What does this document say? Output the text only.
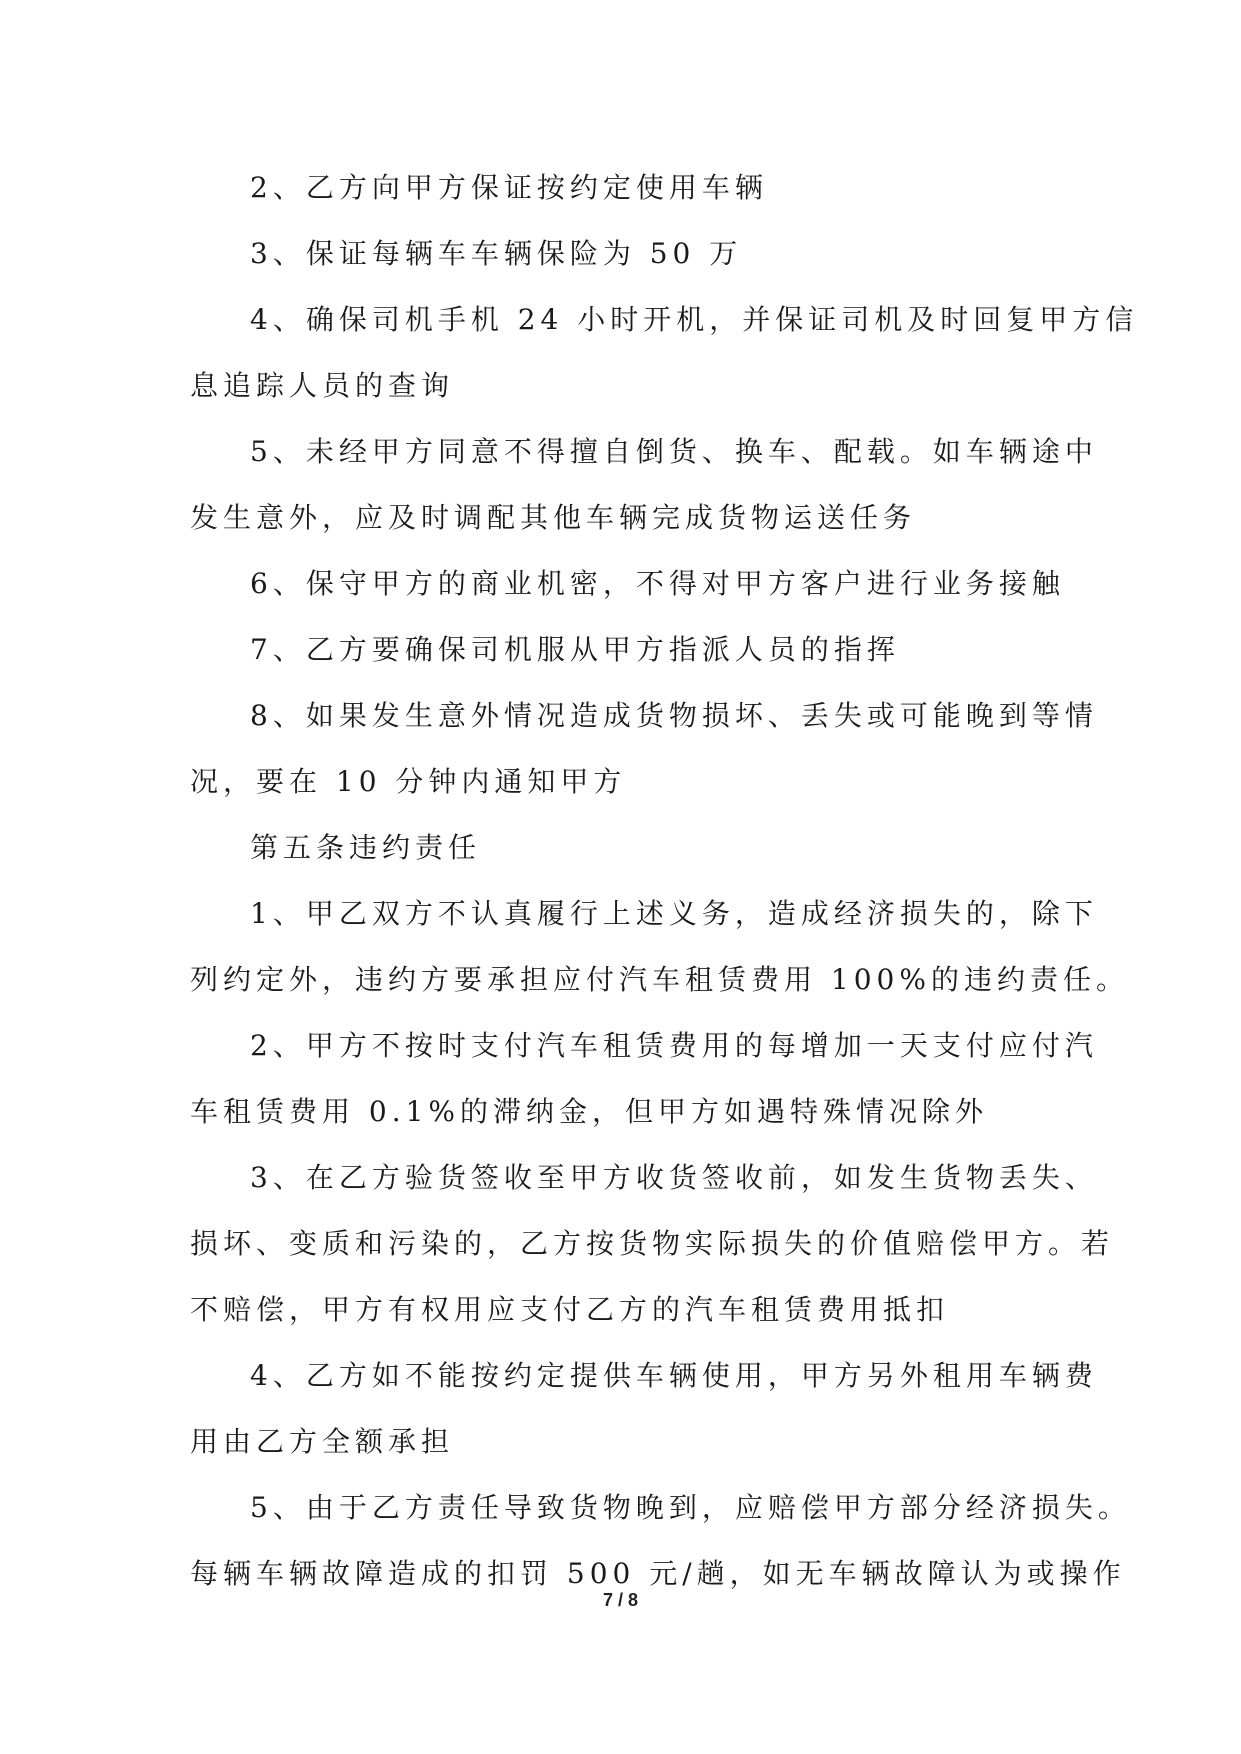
2、乙方向甲方保证按约定使用车辆
3、保证每辆车车辆保险为 50 万
4、确保司机手机 24 小时开机，并保证司机及时回复甲方信
息追踪人员的查询
5、未经甲方同意不得擅自倒货、换车、配载。如车辆途中
发生意外，应及时调配其他车辆完成货物运送任务
6、保守甲方的商业机密，不得对甲方客户进行业务接触
7、乙方要确保司机服从甲方指派人员的指挥
8、如果发生意外情况造成货物损坏、丢失或可能晚到等情
况，要在 10 分钟内通知甲方
第五条违约责任
1、甲乙双方不认真履行上述义务，造成经济损失的，除下
列约定外，违约方要承担应付汽车租赁费用 100%的违约责任。
2、甲方不按时支付汽车租赁费用的每增加一天支付应付汽
车租赁费用 0.1%的滞纳金，但甲方如遇特殊情况除外
3、在乙方验货签收至甲方收货签收前，如发生货物丢失、
损坏、变质和污染的，乙方按货物实际损失的价值赔偿甲方。若
不赔偿，甲方有权用应支付乙方的汽车租赁费用抵扣
4、乙方如不能按约定提供车辆使用，甲方另外租用车辆费
用由乙方全额承担
5、由于乙方责任导致货物晚到，应赔偿甲方部分经济损失。
每辆车辆故障造成的扣罚 500 元/趟，如无车辆故障认为或操作
7 / 8
